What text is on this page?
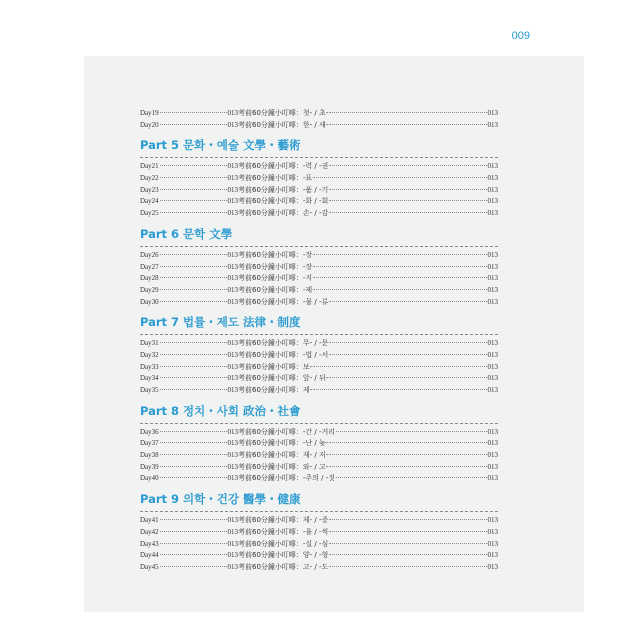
009
Day19	013 考前60分鐘小叮嚀：첫- / 초-	013
Day20	013 考前60分鐘小叮嚀：한- / 새-	013
Part 5 문화・예술 文學・藝術
Day21	013 考前60分鐘小叮嚀：-력 / -권	013
Day22	013 考前60分鐘小叮嚀：-표	013
Day23	013 考前60分鐘小叮嚀：-품 / -기	013
Day24	013 考前60分鐘小叮嚀：-화 / -회	013
Day25	013 考前60分鐘小叮嚀：손- / -감	013
Part 6 문학 文學
Day26	013 考前60分鐘小叮嚀：-장	013
Day27	013 考前60分鐘小叮嚀：-장	013
Day28	013 考前60分鐘小叮嚀：-지	013
Day29	013 考前60分鐘小叮嚀：-제	013
Day30	013 考前60分鐘小叮嚀：-물 / -류	013
Part 7 법률・제도 法律・制度
Day31	013 考前60分鐘小叮嚀：무- / -문	013
Day32	013 考前60分鐘小叮嚀：-법 / -서	013
Day33	013 考前60分鐘小叮嚀：보-	013
Day34	013 考前60分鐘小叮嚀：앞- / 뒤-	013
Day35	013 考前60分鐘小叮嚀：제-	013
Part 8 정치・사회 政治・社會
Day36	013 考前60分鐘小叮嚀：-간 / -거리	013
Day37	013 考前60分鐘小叮嚀：-난 / 늦-	013
Day38	013 考前60分鐘小叮嚀：재- / 저-	013
Day39	013 考前60分鐘小叮嚀：와- / 고-	013
Day40	013 考前60分鐘小叮嚀：-주의 / -짓	013
Part 9 의학・건강 醫學・健康
Day41	013 考前60分鐘小叮嚀：제- / -증	013
Day42	013 考前60分鐘小叮嚀：-율 / -씩	013
Day43	013 考前60分鐘小叮嚀：-실 / -심	013
Day44	013 考前60分鐘小叮嚀：양- / -형	013
Day45	013 考前60分鐘小叮嚀：고- / -도	013
